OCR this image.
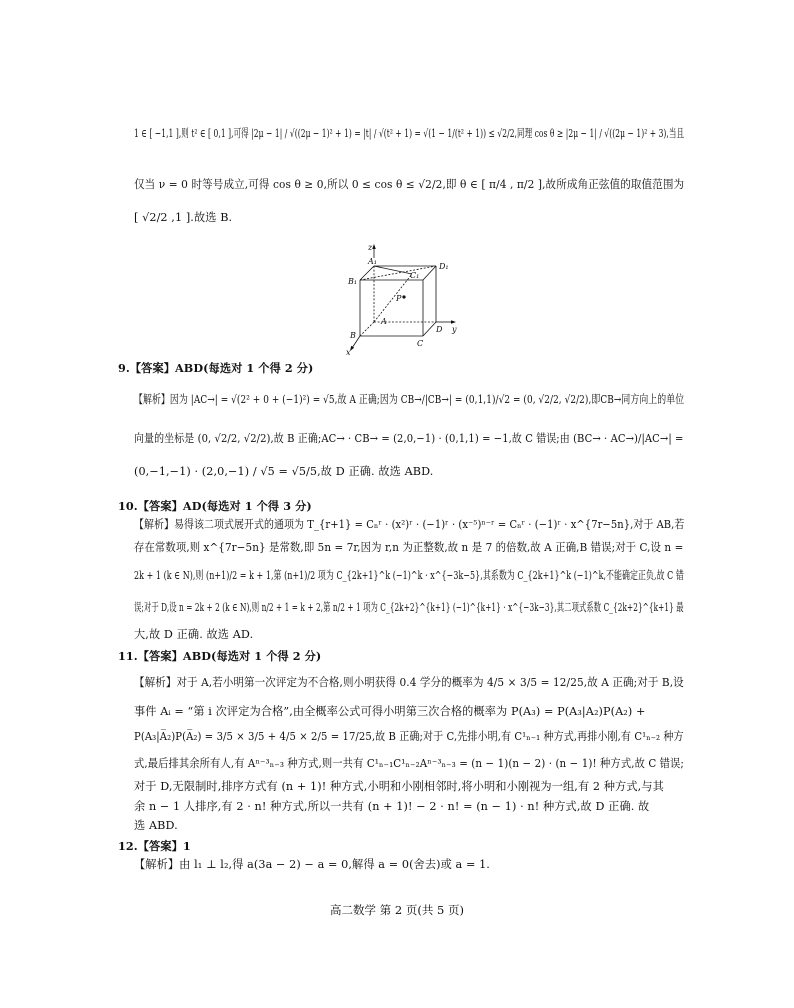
1 ∈ [ −1,1 ],则 t² ∈ [ 0,1 ],可得 |2μ − 1| / √((2μ − 1)² + 1) = |t| / √(t² + 1) = √(1 − 1/(t² + 1)) ≤ √2/2,同理 cos θ ≥ |2μ − 1| / √((2μ − 1)² + 3),当且
仅当 ν = 0 时等号成立,可得 cos θ ≥ 0,所以 0 ≤ cos θ ≤ √2/2,即 θ ∈ [ π/4 , π/2 ],故所成角正弦值的取值范围为
[ √2/2 ,1 ].故选 B.
z
A₁
D₁
B₁
C₁
P
A
B
C
D y
x
9.【答案】ABD(每选对 1 个得 2 分)
【解析】因为 |AC→| = √(2² + 0 + (−1)²) = √5,故 A 正确;因为 CB→/|CB→| = (0,1,1)/√2 = (0, √2/2, √2/2),即CB→同方向上的单位
向量的坐标是 (0, √2/2, √2/2),故 B 正确;AC→ · CB→ = (2,0,−1) · (0,1,1) = −1,故 C 错误;由 (BC→ · AC→)/|AC→| =
(0,−1,−1) · (2,0,−1) / √5 = √5/5,故 D 正确. 故选 ABD.
10.【答案】AD(每选对 1 个得 3 分)
【解析】易得该二项式展开式的通项为 T_{r+1} = Cₙʳ · (x²)ʳ · (−1)ʳ · (x⁻⁵)ⁿ⁻ʳ = Cₙʳ · (−1)ʳ · x^{7r−5n},对于 AB,若
存在常数项,则 x^{7r−5n} 是常数,即 5n = 7r,因为 r,n 为正整数,故 n 是 7 的倍数,故 A 正确,B 错误;对于 C,设 n =
2k + 1 (k ∈ N),则 (n+1)/2 = k + 1,第 (n+1)/2 项为 C_{2k+1}^k (−1)^k · x^{−3k−5},其系数为 C_{2k+1}^k (−1)^k,不能确定正负,故 C 错
误;对于 D,设 n = 2k + 2 (k ∈ N),则 n/2 + 1 = k + 2,第 n/2 + 1 项为 C_{2k+2}^{k+1} (−1)^{k+1} · x^{−3k−3},其二项式系数 C_{2k+2}^{k+1} 最
大,故 D 正确. 故选 AD.
11.【答案】ABD(每选对 1 个得 2 分)
【解析】对于 A,若小明第一次评定为不合格,则小明获得 0.4 学分的概率为 4/5 × 3/5 = 12/25,故 A 正确;对于 B,设
事件 Aᵢ = “第 i 次评定为合格”,由全概率公式可得小明第三次合格的概率为 P(A₃) = P(A₃|A₂)P(A₂) +
P(A₃|A̅₂)P(A̅₂) = 3/5 × 3/5 + 4/5 × 2/5 = 17/25,故 B 正确;对于 C,先排小明,有 C¹ₙ₋₁ 种方式,再排小刚,有 C¹ₙ₋₂ 种方
式,最后排其余所有人,有 Aⁿ⁻³ₙ₋₃ 种方式,则一共有 C¹ₙ₋₁C¹ₙ₋₂Aⁿ⁻³ₙ₋₃ = (n − 1)(n − 2) · (n − 1)! 种方式,故 C 错误;
对于 D,无限制时,排序方式有 (n + 1)! 种方式,小明和小刚相邻时,将小明和小刚视为一组,有 2 种方式,与其
余 n − 1 人排序,有 2 · n! 种方式,所以一共有 (n + 1)! − 2 · n! = (n − 1) · n! 种方式,故 D 正确. 故
选 ABD.
12.【答案】1
【解析】由 l₁ ⊥ l₂,得 a(3a − 2) − a = 0,解得 a = 0(舍去)或 a = 1.
高二数学 第 2 页(共 5 页)
